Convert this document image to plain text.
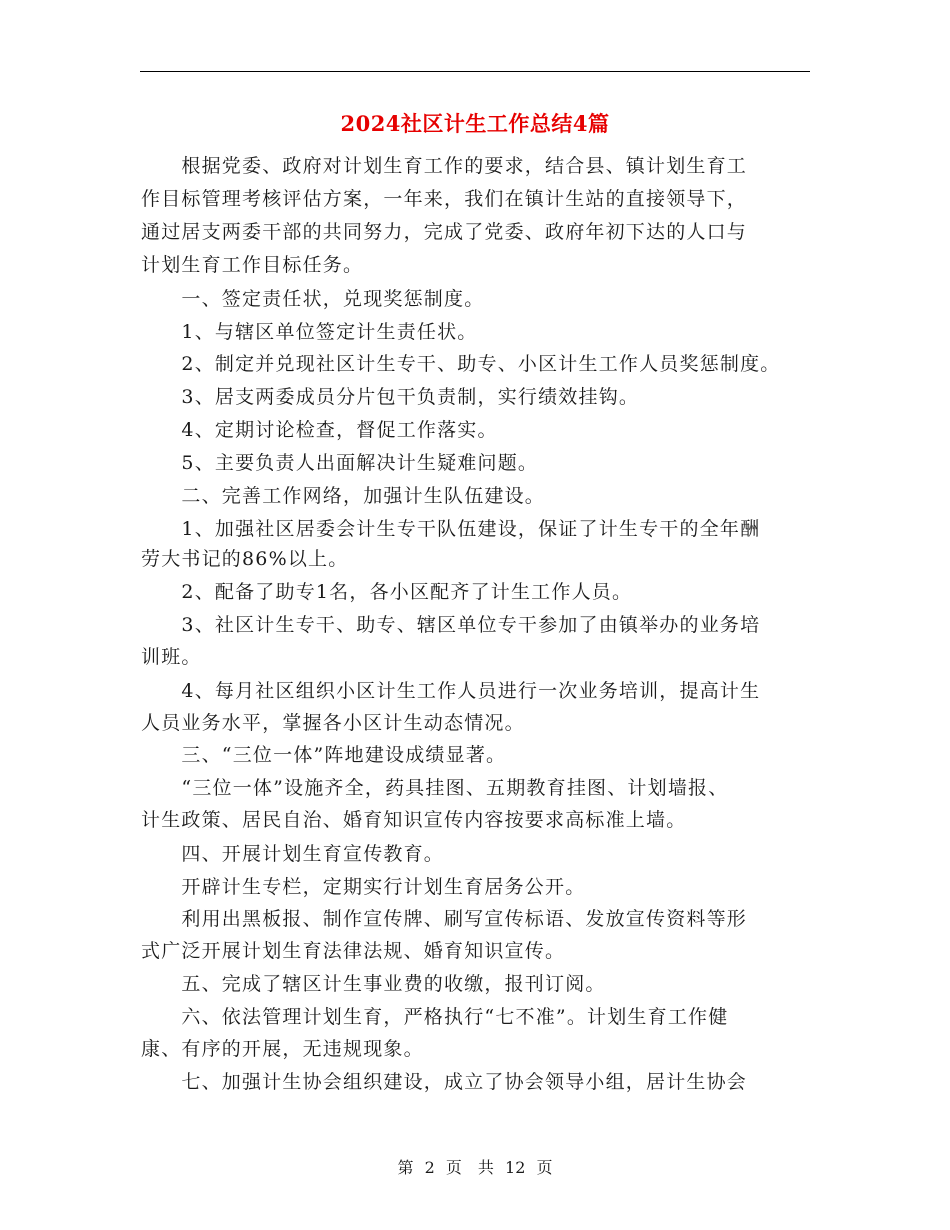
2024社区计生工作总结4篇
　　根据党委、政府对计划生育工作的要求，结合县、镇计划生育工
作目标管理考核评估方案，一年来，我们在镇计生站的直接领导下，
通过居支两委干部的共同努力，完成了党委、政府年初下达的人口与
计划生育工作目标任务。
　　一、签定责任状，兑现奖惩制度。
　　1、与辖区单位签定计生责任状。
　　2、制定并兑现社区计生专干、助专、小区计生工作人员奖惩制度。
　　3、居支两委成员分片包干负责制，实行绩效挂钩。
　　4、定期讨论检查，督促工作落实。
　　5、主要负责人出面解决计生疑难问题。
　　二、完善工作网络，加强计生队伍建设。
　　1、加强社区居委会计生专干队伍建设，保证了计生专干的全年酬
劳大书记的86%以上。
　　2、配备了助专1名，各小区配齐了计生工作人员。
　　3、社区计生专干、助专、辖区单位专干参加了由镇举办的业务培
训班。
　　4、每月社区组织小区计生工作人员进行一次业务培训，提高计生
人员业务水平，掌握各小区计生动态情况。
　　三、“三位一体”阵地建设成绩显著。
　　“三位一体”设施齐全，药具挂图、五期教育挂图、计划墙报、
计生政策、居民自治、婚育知识宣传内容按要求高标准上墙。
　　四、开展计划生育宣传教育。
　　开辟计生专栏，定期实行计划生育居务公开。
　　利用出黑板报、制作宣传牌、刷写宣传标语、发放宣传资料等形
式广泛开展计划生育法律法规、婚育知识宣传。
　　五、完成了辖区计生事业费的收缴，报刊订阅。
　　六、依法管理计划生育，严格执行“七不准”。计划生育工作健
康、有序的开展，无违规现象。
　　七、加强计生协会组织建设，成立了协会领导小组，居计生协会
第 2 页　共 12 页
